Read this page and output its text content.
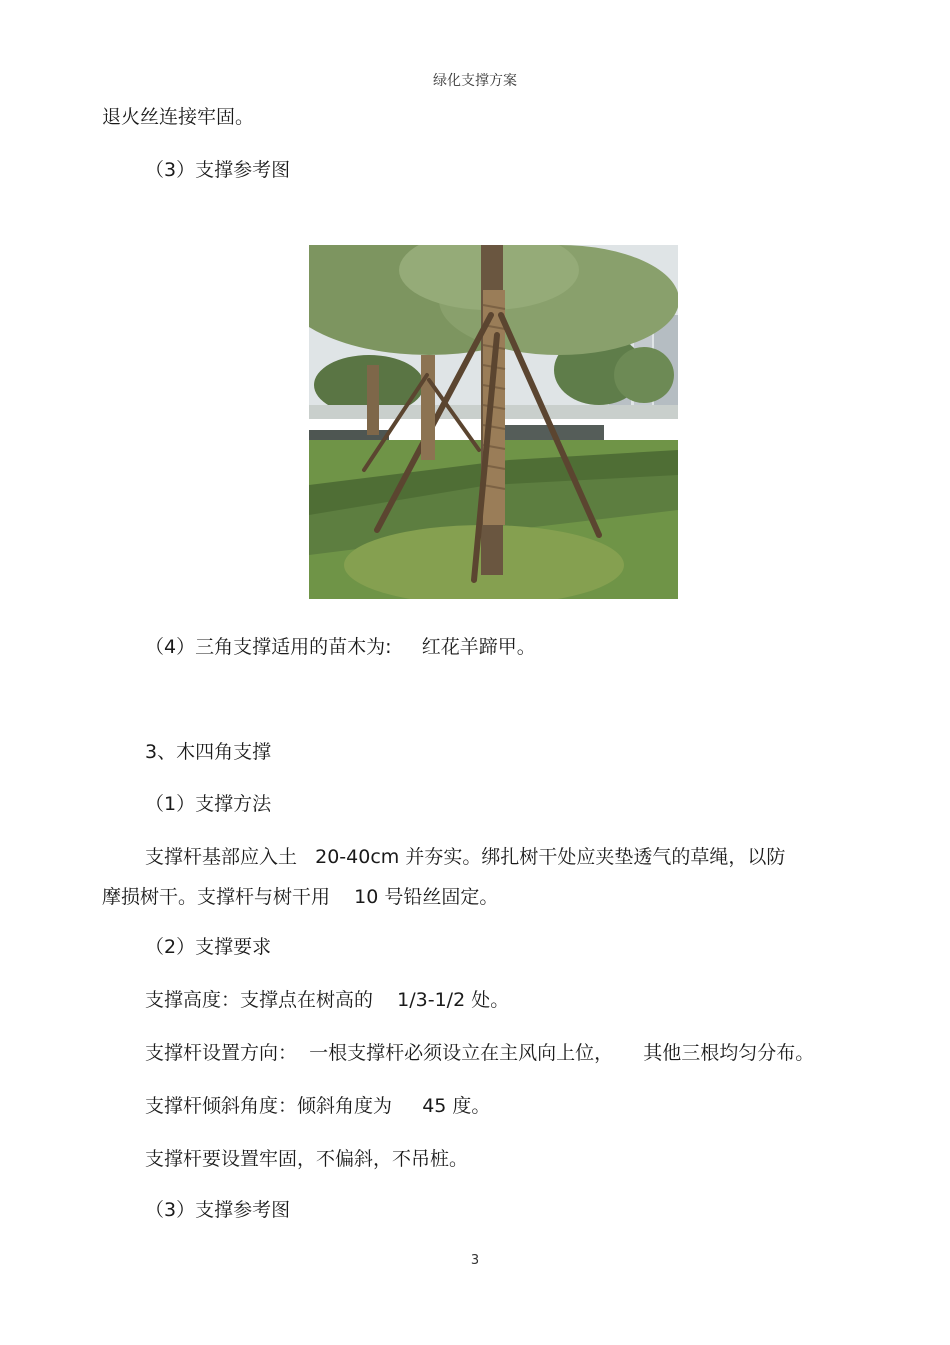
绿化支撑方案
退火丝连接牢固。
（3）支撑参考图
（4）三角支撑适用的苗木为:     红花羊蹄甲。
3、木四角支撑
（1）支撑方法
支撑杆基部应入土   20-40cm 并夯实。绑扎树干处应夹垫透气的草绳，以防
摩损树干。支撑杆与树干用    10 号铅丝固定。
（2）支撑要求
支撑高度：支撑点在树高的    1/3-1/2 处。
支撑杆设置方向：  一根支撑杆必须设立在主风向上位，     其他三根均匀分布。
支撑杆倾斜角度：倾斜角度为     45 度。
支撑杆要设置牢固，不偏斜，不吊桩。
（3）支撑参考图
3
